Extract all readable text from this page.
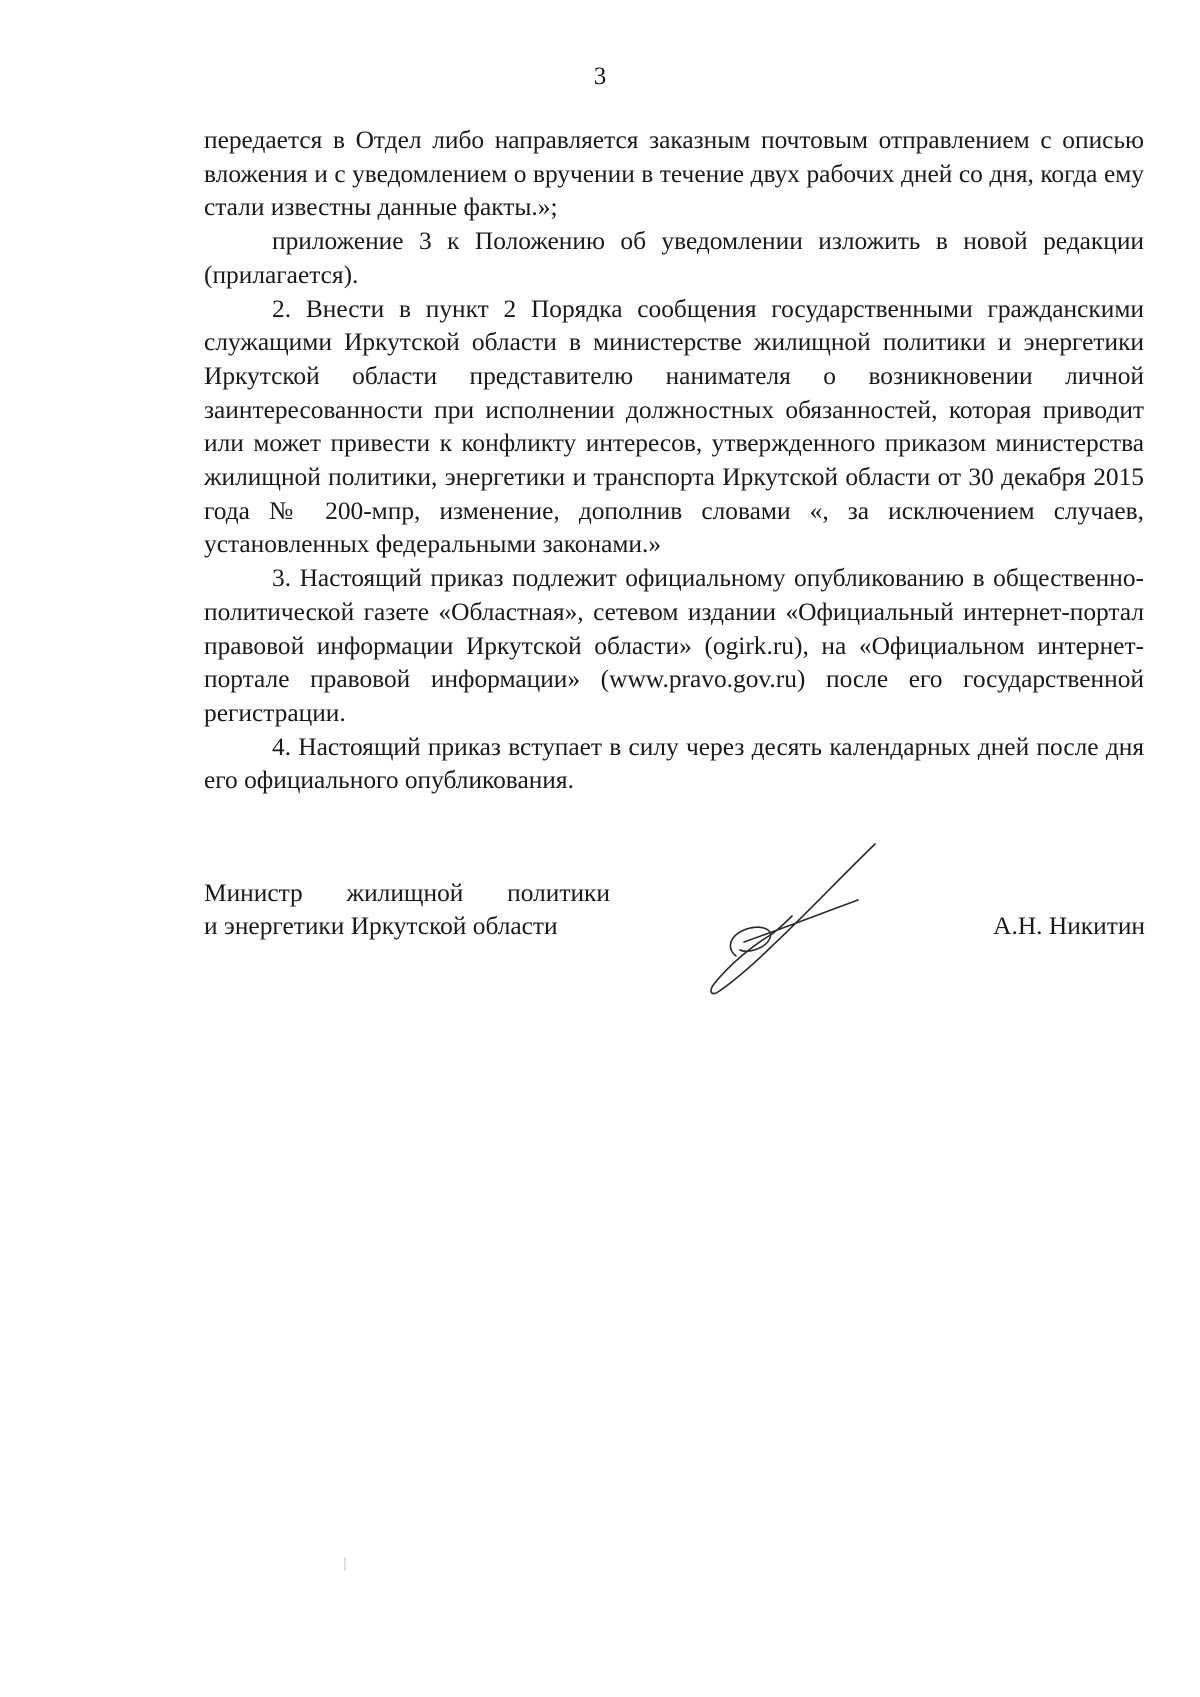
3

передается в Отдел либо направляется заказным почтовым отправлением с описью вложения и с уведомлением о вручении в течение двух рабочих дней со дня, когда ему стали известны данные факты.»;

приложение 3 к Положению об уведомлении изложить в новой редакции (прилагается).

2. Внести в пункт 2 Порядка сообщения государственными гражданскими служащими Иркутской области в министерстве жилищной политики и энергетики Иркутской области представителю нанимателя о возникновении личной заинтересованности при исполнении должностных обязанностей, которая приводит или может привести к конфликту интересов, утвержденного приказом министерства жилищной политики, энергетики и транспорта Иркутской области от 30 декабря 2015 года № 200-мпр, изменение, дополнив словами «, за исключением случаев, установленных федеральными законами.»

3. Настоящий приказ подлежит официальному опубликованию в общественно-политической газете «Областная», сетевом издании «Официальный интернет-портал правовой информации Иркутской области» (ogirk.ru), на «Официальном интернет-портале правовой информации» (www.pravo.gov.ru) после его государственной регистрации.

4. Настоящий приказ вступает в силу через десять календарных дней после дня его официального опубликования.

Министр жилищной политики
и энергетики Иркутской области	А.Н. Никитин
